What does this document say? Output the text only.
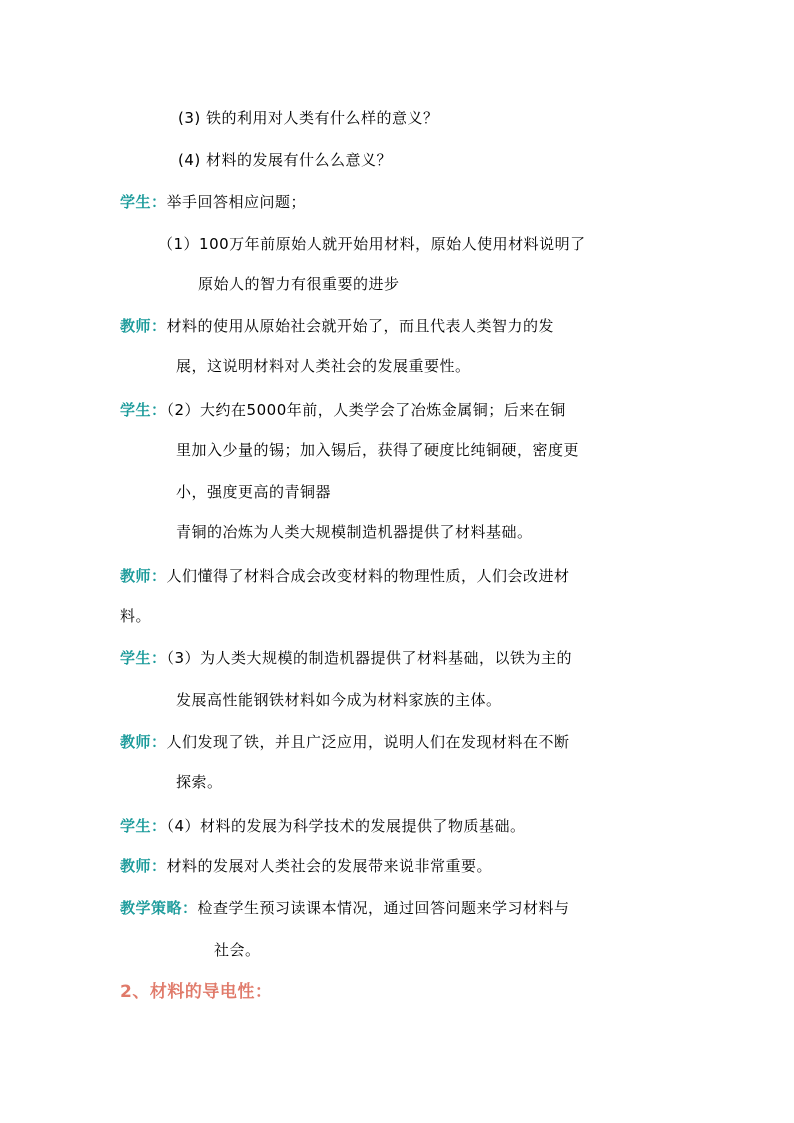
(3) 铁的利用对人类有什么样的意义？
(4) 材料的发展有什么么意义？
学生：举手回答相应问题；
（1）100万年前原始人就开始用材料，原始人使用材料说明了
原始人的智力有很重要的进步
教师：材料的使用从原始社会就开始了，而且代表人类智力的发
展，这说明材料对人类社会的发展重要性。
学生：（2）大约在5000年前，人类学会了冶炼金属铜；后来在铜
里加入少量的锡；加入锡后，获得了硬度比纯铜硬，密度更
小，强度更高的青铜器
青铜的冶炼为人类大规模制造机器提供了材料基础。
教师：人们懂得了材料合成会改变材料的物理性质，人们会改进材
料。
学生：（3）为人类大规模的制造机器提供了材料基础，以铁为主的
发展高性能钢铁材料如今成为材料家族的主体。
教师：人们发现了铁，并且广泛应用，说明人们在发现材料在不断
探索。
学生：（4）材料的发展为科学技术的发展提供了物质基础。
教师：材料的发展对人类社会的发展带来说非常重要。
教学策略：检查学生预习读课本情况，通过回答问题来学习材料与
社会。
2、材料的导电性：
